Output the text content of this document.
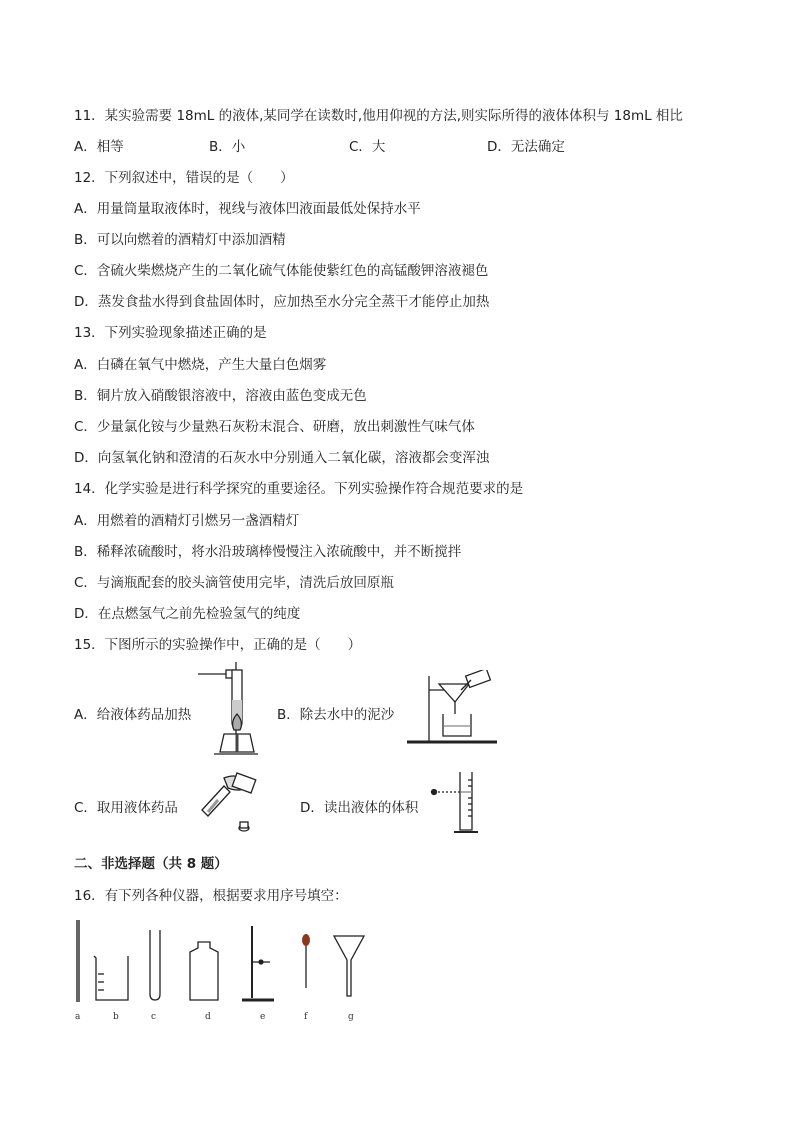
11．某实验需要 18mL 的液体,某同学在读数时,他用仰视的方法,则实际所得的液体体积与 18mL 相比
A．相等	B．小	C．大	D．无法确定
12．下列叙述中，错误的是（　　）
A．用量筒量取液体时，视线与液体凹液面最低处保持水平
B．可以向燃着的酒精灯中添加酒精
C．含硫火柴燃烧产生的二氧化硫气体能使紫红色的高锰酸钾溶液褪色
D．蒸发食盐水得到食盐固体时，应加热至水分完全蒸干才能停止加热
13．下列实验现象描述正确的是
A．白磷在氧气中燃烧，产生大量白色烟雾
B．铜片放入硝酸银溶液中，溶液由蓝色变成无色
C．少量氯化铵与少量熟石灰粉末混合、研磨，放出刺激性气味气体
D．向氢氧化钠和澄清的石灰水中分别通入二氧化碳，溶液都会变浑浊
14．化学实验是进行科学探究的重要途径。下列实验操作符合规范要求的是
A．用燃着的酒精灯引燃另一盏酒精灯
B．稀释浓硫酸时，将水沿玻璃棒慢慢注入浓硫酸中，并不断搅拌
C．与滴瓶配套的胶头滴管使用完毕，清洗后放回原瓶
D．在点燃氢气之前先检验氢气的纯度
15．下图所示的实验操作中，正确的是（　　）
A．给液体药品加热	B．除去水中的泥沙
C．取用液体药品	D．读出液体的体积
二、非选择题（共 8 题）
16．有下列各种仪器，根据要求用序号填空：
a	b	c	d	e	f	g
